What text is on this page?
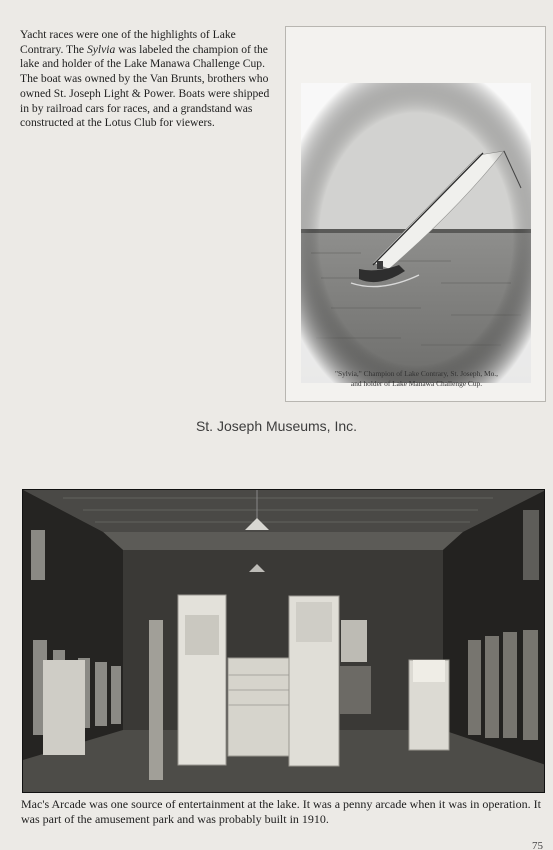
Yacht races were one of the highlights of Lake Contrary. The Sylvia was labeled the champion of the lake and holder of the Lake Manawa Challenge Cup. The boat was owned by the Van Brunts, brothers who owned St. Joseph Light & Power. Boats were shipped in by railroad cars for races, and a grandstand was constructed at the Lotus Club for viewers.

"Sylvia," Champion of Lake Contrary, St. Joseph, Mo.,
and holder of Lake Manawa Challenge Cup.
St. Joseph Museums, Inc.

Mac's Arcade was one source of entertainment at the lake. It was a penny arcade when it was in operation. It was part of the amusement park and was probably built in 1910.

75
